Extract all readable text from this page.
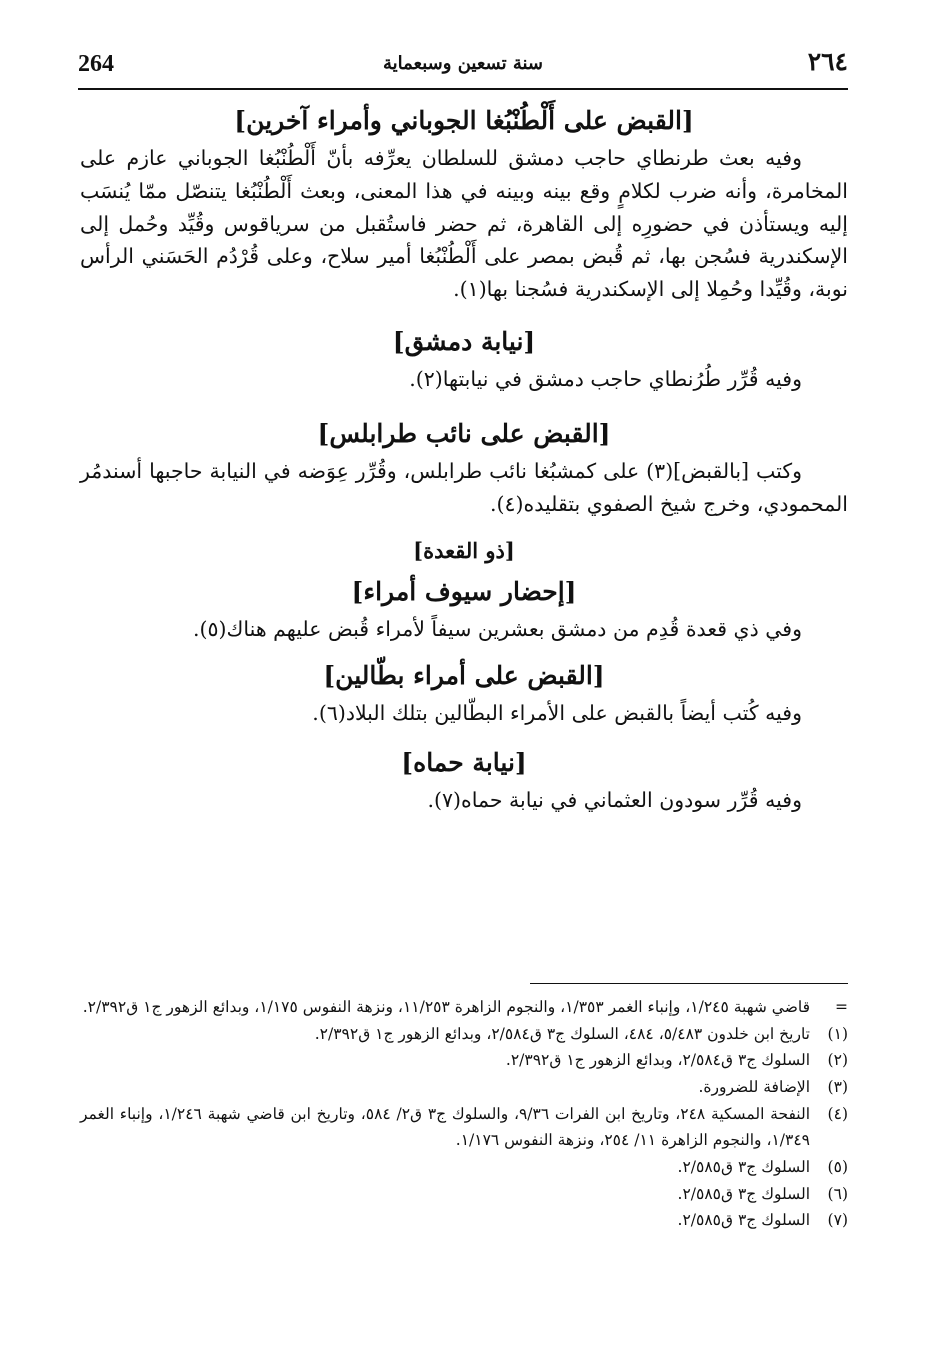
264	سنة تسعين وسبعماية	٢٦٤
[القبض على أَلْطُنْبُغا الجوباني وأمراء آخرين]

وفيه بعث طرنطاي حاجب دمشق للسلطان يعرِّفه بأنّ أَلْطُنْبُغا الجوباني عازم على المخامرة، وأنه ضرب لكلامٍ وقع بينه وبينه في هذا المعنى، وبعث أَلْطُنْبُغا يتنصّل ممّا يُنسَب إليه ويستأذن في حضورِه إلى القاهرة، ثم حضر فاستُقبل من سرياقوس وقُيِّد وحُمل إلى الإسكندرية فسُجن بها، ثم قُبض بمصر على أَلْطُنْبُغا أمير سلاح، وعلى قُرْدُم الحَسَني الرأس نوبة، وقُيِّدا وحُمِلا إلى الإسكندرية فسُجنا بها(١).

[نيابة دمشق]

وفيه قُرِّر طُرُنطاي حاجب دمشق في نيابتها(٢).

[القبض على نائب طرابلس]

وكتب [بالقبض](٣) على كمشبُغا نائب طرابلس، وقُرِّر عِوَضه في النيابة حاجبها أسندمُر المحمودي، وخرج شيخ الصفوي بتقليده(٤).

[ذو القعدة]
[إحضار سيوف أمراء]

وفي ذي قعدة قُدِم من دمشق بعشرين سيفاً لأمراء قُبض عليهم هناك(٥).

[القبض على أمراء بطّالين]

وفيه كُتب أيضاً بالقبض على الأمراء البطّالين بتلك البلاد(٦).

[نيابة حماه]

وفيه قُرِّر سودون العثماني في نيابة حماه(٧).

=
قاضي شهبة ١/٢٤٥، وإنباء الغمر ١/٣٥٣، والنجوم الزاهرة ١١/٢٥٣، ونزهة النفوس ١/١٧٥، وبدائع الزهور ج١ ق٢/٣٩٢.
(١)
تاريخ ابن خلدون ٥/٤٨٣، ٤٨٤، السلوك ج٣ ق٢/٥٨٤، وبدائع الزهور ج١ ق٢/٣٩٢.
(٢)
السلوك ج٣ ق٢/٥٨٤، وبدائع الزهور ج١ ق٢/٣٩٢.
(٣)
الإضافة للضرورة.
(٤)
النفحة المسكية ٢٤٨، وتاريخ ابن الفرات ٩/٣٦، والسلوك ج٣ ق٢/ ٥٨٤، وتاريخ ابن قاضي شهبة ١/٢٤٦، وإنباء الغمر ١/٣٤٩، والنجوم الزاهرة ١١/ ٢٥٤، ونزهة النفوس ١/١٧٦.
(٥)
السلوك ج٣ ق٢/٥٨٥.
(٦)
السلوك ج٣ ق٢/٥٨٥.
(٧)
السلوك ج٣ ق٢/٥٨٥.
